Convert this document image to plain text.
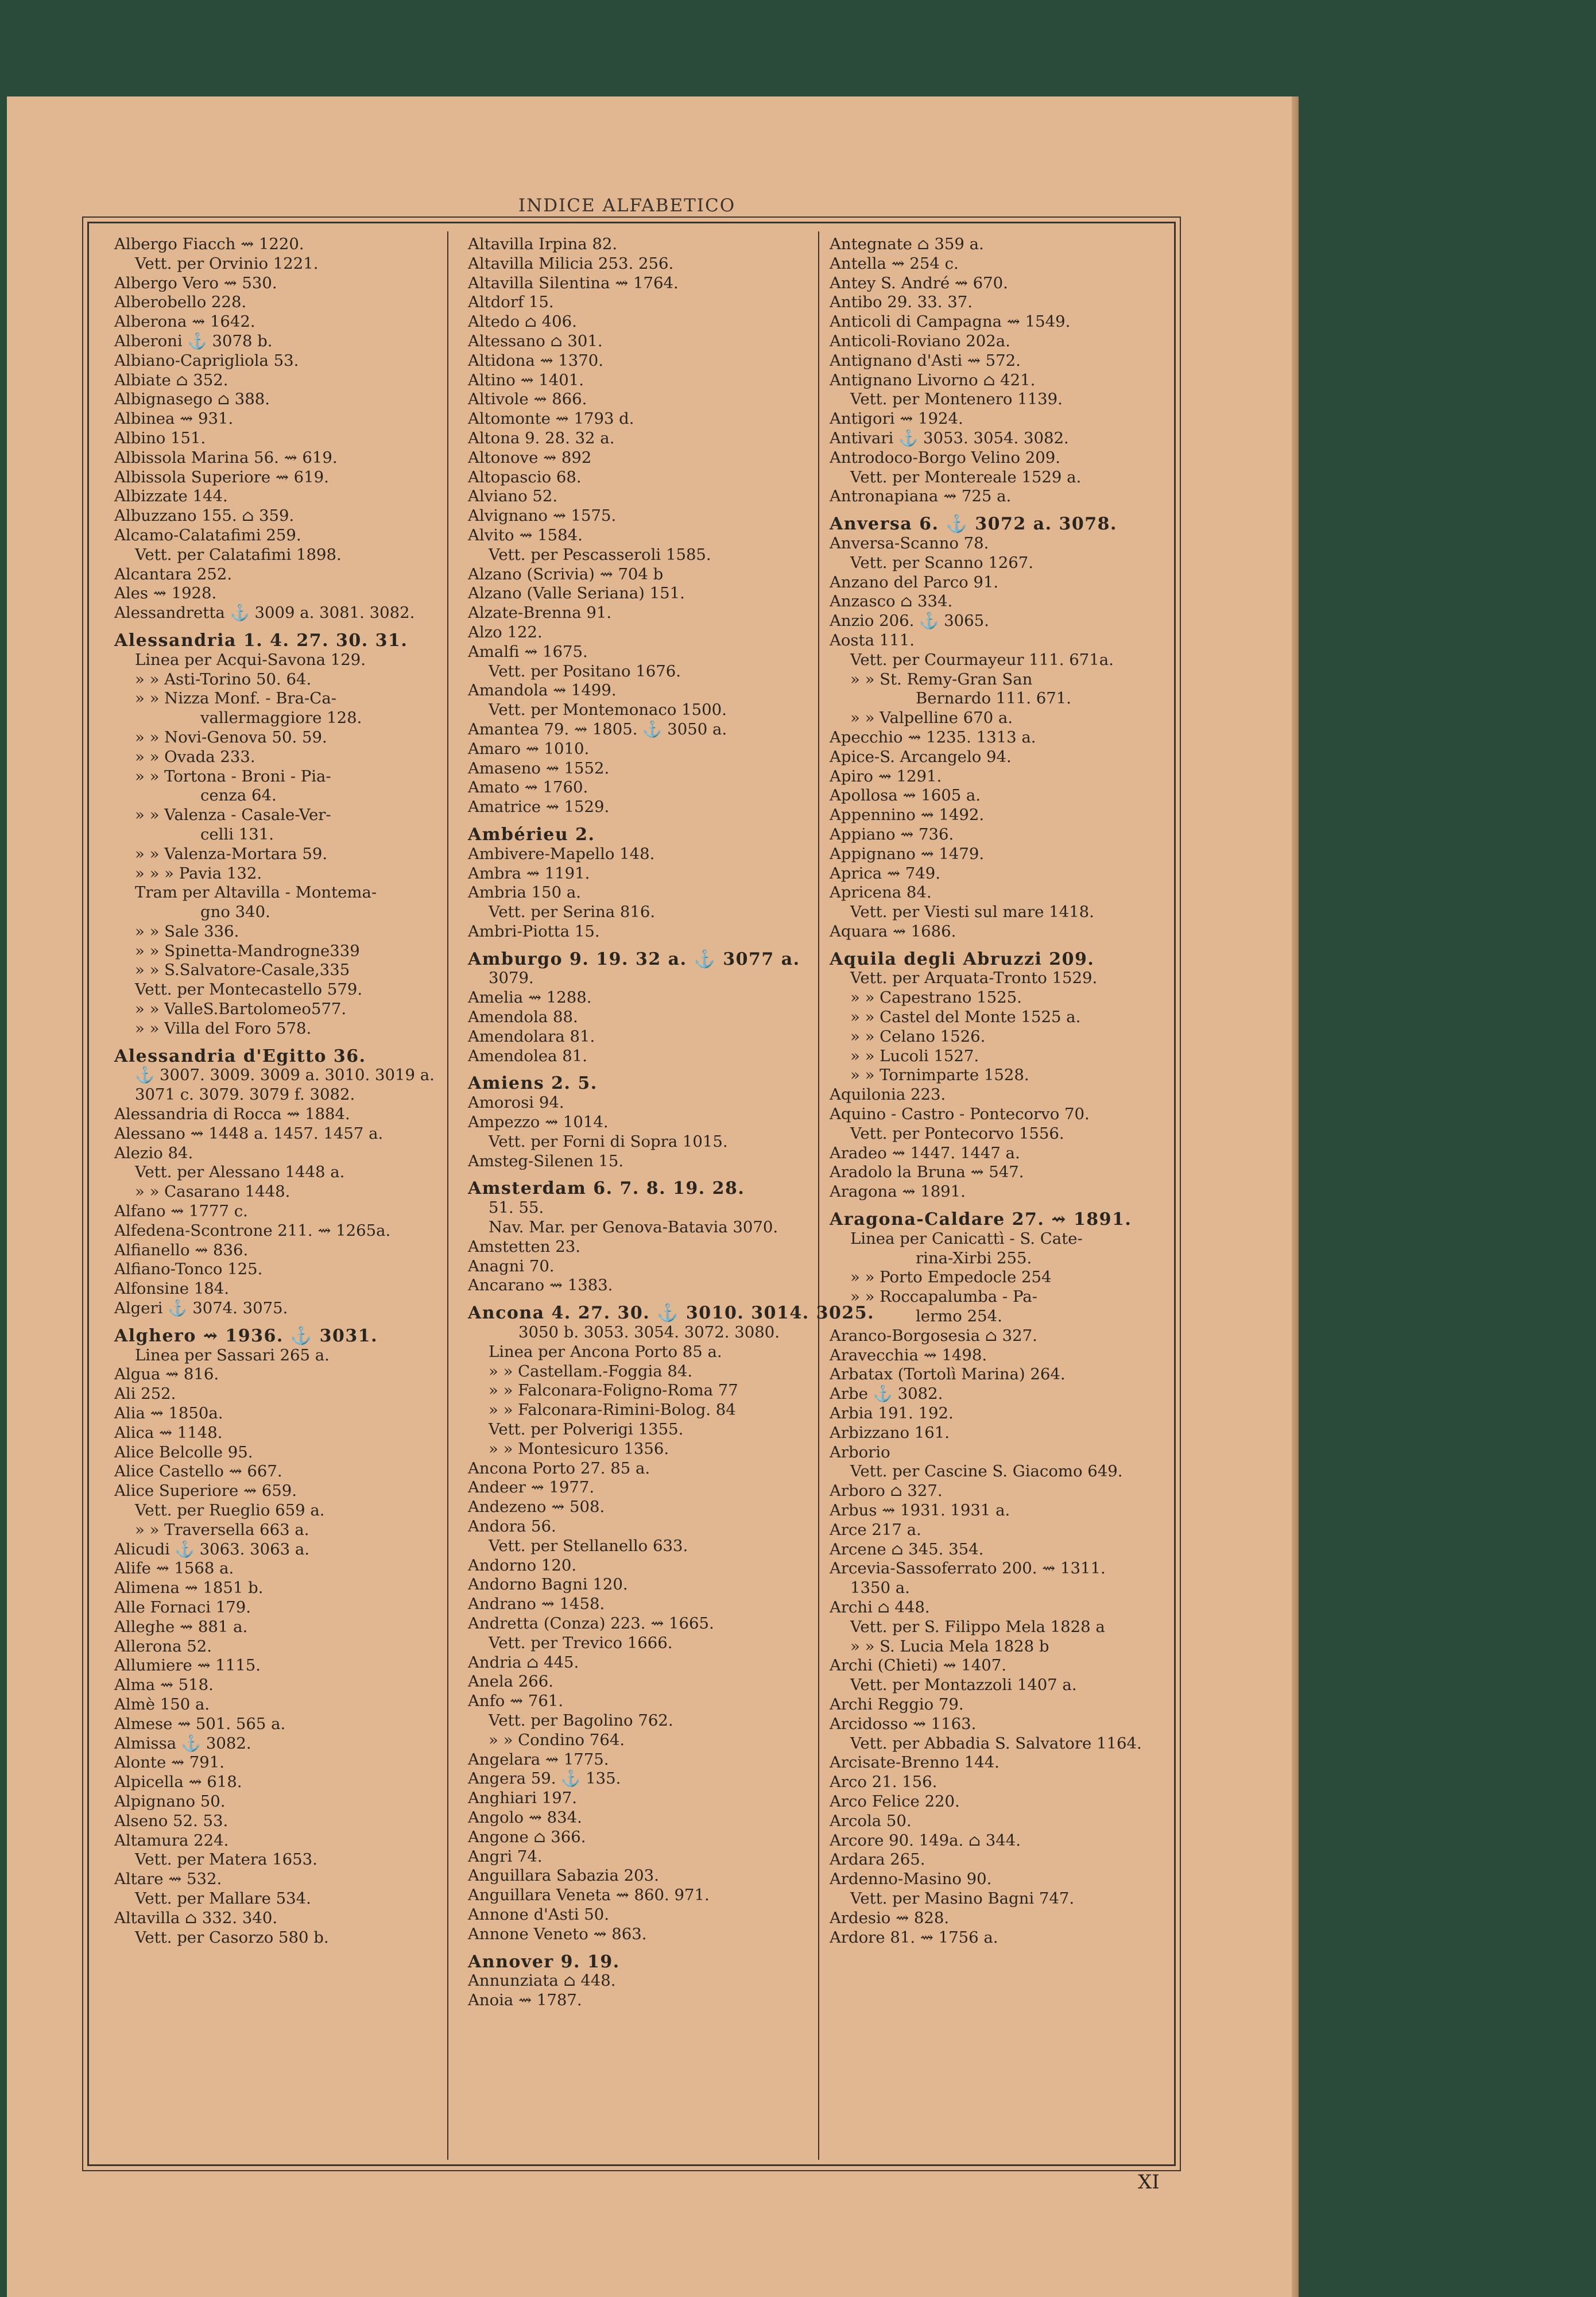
INDICE ALFABETICO
Albergo Fiacch ⇝ 1220.
Vett. per Orvinio 1221.
Albergo Vero ⇝ 530.
Alberobello 228.
Alberona ⇝ 1642.
Alberoni ⚓ 3078 b.
Albiano-Caprigliola 53.
Albiate ⌂ 352.
Albignasego ⌂ 388.
Albinea ⇝ 931.
Albino 151.
Albissola Marina 56. ⇝ 619.
Albissola Superiore ⇝ 619.
Albizzate 144.
Albuzzano 155. ⌂ 359.
Alcamo-Calatafimi 259.
Vett. per Calatafimi 1898.
Alcantara 252.
Ales ⇝ 1928.
Alessandretta ⚓ 3009 a. 3081. 3082.
Alessandria 1. 4. 27. 30. 31.
Linea per Acqui-Savona 129.
» » Asti-Torino 50. 64.
» » Nizza Monf. - Bra-Ca-
vallermaggiore 128.
» » Novi-Genova 50. 59.
» » Ovada 233.
» » Tortona - Broni - Pia-
cenza 64.
» » Valenza - Casale-Ver-
celli 131.
» » Valenza-Mortara 59.
» » » Pavia 132.
Tram per Altavilla - Montema-
gno 340.
» » Sale 336.
» » Spinetta-Mandrogne339
» » S.Salvatore-Casale,335
Vett. per Montecastello 579.
» » ValleS.Bartolomeo577.
» » Villa del Foro 578.
Alessandria d'Egitto 36.
⚓ 3007. 3009. 3009 a. 3010. 3019 a.
3071 c. 3079. 3079 f. 3082.
Alessandria di Rocca ⇝ 1884.
Alessano ⇝ 1448 a. 1457. 1457 a.
Alezio 84.
Vett. per Alessano 1448 a.
» » Casarano 1448.
Alfano ⇝ 1777 c.
Alfedena-Scontrone 211. ⇝ 1265a.
Alfianello ⇝ 836.
Alfiano-Tonco 125.
Alfonsine 184.
Algeri ⚓ 3074. 3075.
Alghero ⇝ 1936. ⚓ 3031.
Linea per Sassari 265 a.
Algua ⇝ 816.
Ali 252.
Alia ⇝ 1850a.
Alica ⇝ 1148.
Alice Belcolle 95.
Alice Castello ⇝ 667.
Alice Superiore ⇝ 659.
Vett. per Rueglio 659 a.
» » Traversella 663 a.
Alicudi ⚓ 3063. 3063 a.
Alife ⇝ 1568 a.
Alimena ⇝ 1851 b.
Alle Fornaci 179.
Alleghe ⇝ 881 a.
Allerona 52.
Allumiere ⇝ 1115.
Alma ⇝ 518.
Almè 150 a.
Almese ⇝ 501. 565 a.
Almissa ⚓ 3082.
Alonte ⇝ 791.
Alpicella ⇝ 618.
Alpignano 50.
Alseno 52. 53.
Altamura 224.
Vett. per Matera 1653.
Altare ⇝ 532.
Vett. per Mallare 534.
Altavilla ⌂ 332. 340.
Vett. per Casorzo 580 b.
Altavilla Irpina 82.
Altavilla Milicia 253. 256.
Altavilla Silentina ⇝ 1764.
Altdorf 15.
Altedo ⌂ 406.
Altessano ⌂ 301.
Altidona ⇝ 1370.
Altino ⇝ 1401.
Altivole ⇝ 866.
Altomonte ⇝ 1793 d.
Altona 9. 28. 32 a.
Altonove ⇝ 892
Altopascio 68.
Alviano 52.
Alvignano ⇝ 1575.
Alvito ⇝ 1584.
Vett. per Pescasseroli 1585.
Alzano (Scrivia) ⇝ 704 b
Alzano (Valle Seriana) 151.
Alzate-Brenna 91.
Alzo 122.
Amalfi ⇝ 1675.
Vett. per Positano 1676.
Amandola ⇝ 1499.
Vett. per Montemonaco 1500.
Amantea 79. ⇝ 1805. ⚓ 3050 a.
Amaro ⇝ 1010.
Amaseno ⇝ 1552.
Amato ⇝ 1760.
Amatrice ⇝ 1529.
Ambérieu 2.
Ambivere-Mapello 148.
Ambra ⇝ 1191.
Ambria 150 a.
Vett. per Serina 816.
Ambri-Piotta 15.
Amburgo 9. 19. 32 a. ⚓ 3077 a.
3079.
Amelia ⇝ 1288.
Amendola 88.
Amendolara 81.
Amendolea 81.
Amiens 2. 5.
Amorosi 94.
Ampezzo ⇝ 1014.
Vett. per Forni di Sopra 1015.
Amsteg-Silenen 15.
Amsterdam 6. 7. 8. 19. 28.
51. 55.
Nav. Mar. per Genova-Batavia 3070.
Amstetten 23.
Anagni 70.
Ancarano ⇝ 1383.
Ancona 4. 27. 30. ⚓ 3010. 3014. 3025.
3050 b. 3053. 3054. 3072. 3080.
Linea per Ancona Porto 85 a.
» » Castellam.-Foggia 84.
» » Falconara-Foligno-Roma 77
» » Falconara-Rimini-Bolog. 84
Vett. per Polverigi 1355.
» » Montesicuro 1356.
Ancona Porto 27. 85 a.
Andeer ⇝ 1977.
Andezeno ⇝ 508.
Andora 56.
Vett. per Stellanello 633.
Andorno 120.
Andorno Bagni 120.
Andrano ⇝ 1458.
Andretta (Conza) 223. ⇝ 1665.
Vett. per Trevico 1666.
Andria ⌂ 445.
Anela 266.
Anfo ⇝ 761.
Vett. per Bagolino 762.
» » Condino 764.
Angelara ⇝ 1775.
Angera 59. ⚓ 135.
Anghiari 197.
Angolo ⇝ 834.
Angone ⌂ 366.
Angri 74.
Anguillara Sabazia 203.
Anguillara Veneta ⇝ 860. 971.
Annone d'Asti 50.
Annone Veneto ⇝ 863.
Annover 9. 19.
Annunziata ⌂ 448.
Anoia ⇝ 1787.
Antegnate ⌂ 359 a.
Antella ⇝ 254 c.
Antey S. André ⇝ 670.
Antibo 29. 33. 37.
Anticoli di Campagna ⇝ 1549.
Anticoli-Roviano 202a.
Antignano d'Asti ⇝ 572.
Antignano Livorno ⌂ 421.
Vett. per Montenero 1139.
Antigori ⇝ 1924.
Antivari ⚓ 3053. 3054. 3082.
Antrodoco-Borgo Velino 209.
Vett. per Montereale 1529 a.
Antronapiana ⇝ 725 a.
Anversa 6. ⚓ 3072 a. 3078.
Anversa-Scanno 78.
Vett. per Scanno 1267.
Anzano del Parco 91.
Anzasco ⌂ 334.
Anzio 206. ⚓ 3065.
Aosta 111.
Vett. per Courmayeur 111. 671a.
» » St. Remy-Gran San
Bernardo 111. 671.
» » Valpelline 670 a.
Apecchio ⇝ 1235. 1313 a.
Apice-S. Arcangelo 94.
Apiro ⇝ 1291.
Apollosa ⇝ 1605 a.
Appennino ⇝ 1492.
Appiano ⇝ 736.
Appignano ⇝ 1479.
Aprica ⇝ 749.
Apricena 84.
Vett. per Viesti sul mare 1418.
Aquara ⇝ 1686.
Aquila degli Abruzzi 209.
Vett. per Arquata-Tronto 1529.
» » Capestrano 1525.
» » Castel del Monte 1525 a.
» » Celano 1526.
» » Lucoli 1527.
» » Tornimparte 1528.
Aquilonia 223.
Aquino - Castro - Pontecorvo 70.
Vett. per Pontecorvo 1556.
Aradeo ⇝ 1447. 1447 a.
Aradolo la Bruna ⇝ 547.
Aragona ⇝ 1891.
Aragona-Caldare 27. ⇝ 1891.
Linea per Canicattì - S. Cate-
rina-Xirbi 255.
» » Porto Empedocle 254
» » Roccapalumba - Pa-
lermo 254.
Aranco-Borgosesia ⌂ 327.
Aravecchia ⇝ 1498.
Arbatax (Tortolì Marina) 264.
Arbe ⚓ 3082.
Arbia 191. 192.
Arbizzano 161.
Arborio
Vett. per Cascine S. Giacomo 649.
Arboro ⌂ 327.
Arbus ⇝ 1931. 1931 a.
Arce 217 a.
Arcene ⌂ 345. 354.
Arcevia-Sassoferrato 200. ⇝ 1311.
1350 a.
Archi ⌂ 448.
Vett. per S. Filippo Mela 1828 a
» » S. Lucia Mela 1828 b
Archi (Chieti) ⇝ 1407.
Vett. per Montazzoli 1407 a.
Archi Reggio 79.
Arcidosso ⇝ 1163.
Vett. per Abbadia S. Salvatore 1164.
Arcisate-Brenno 144.
Arco 21. 156.
Arco Felice 220.
Arcola 50.
Arcore 90. 149a. ⌂ 344.
Ardara 265.
Ardenno-Masino 90.
Vett. per Masino Bagni 747.
Ardesio ⇝ 828.
Ardore 81. ⇝ 1756 a.
XI
